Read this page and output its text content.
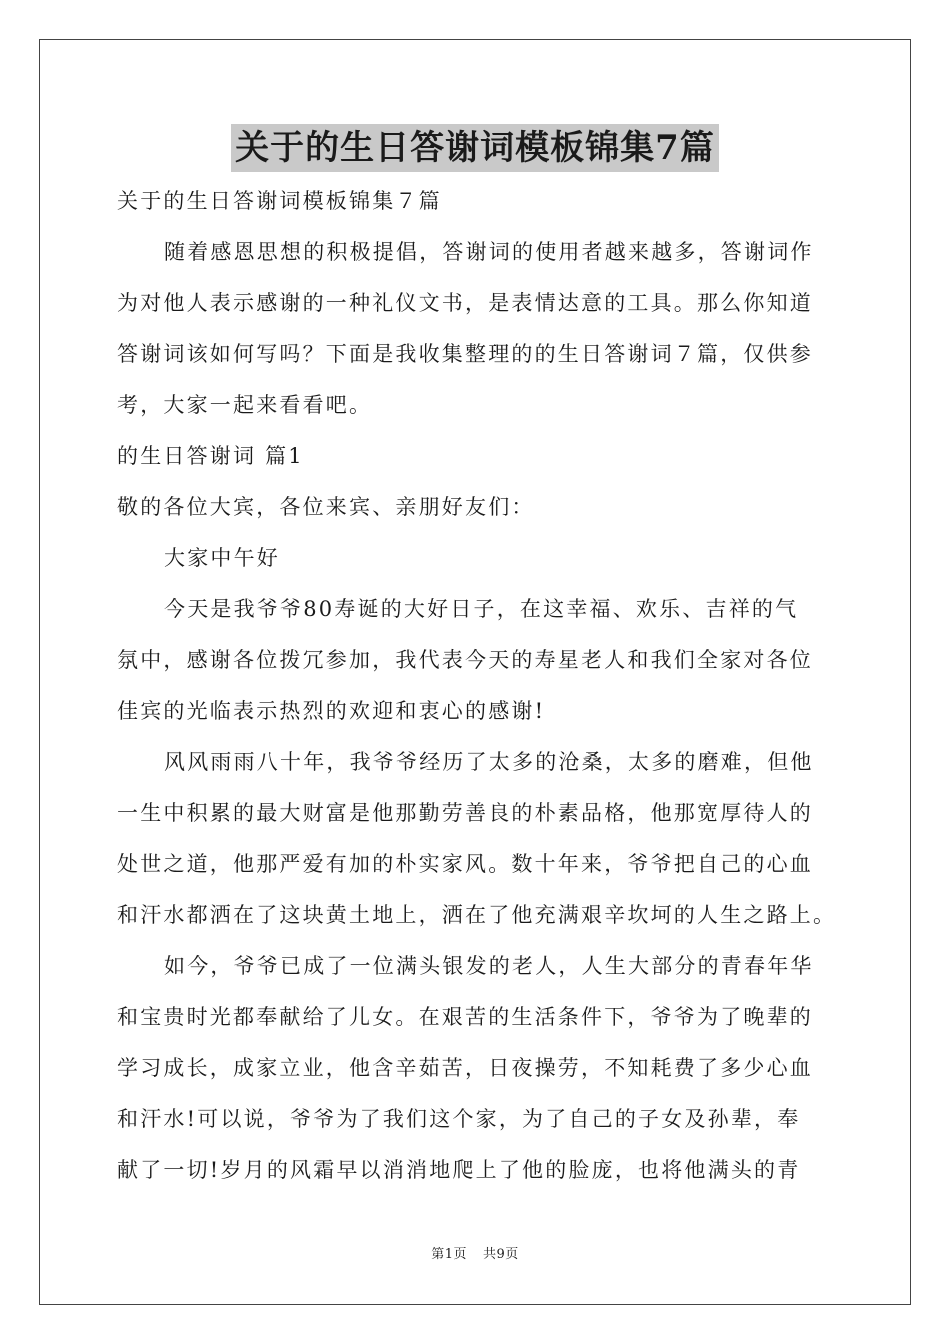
关于的生日答谢词模板锦集7篇
关于的生日答谢词模板锦集７篇
随着感恩思想的积极提倡，答谢词的使用者越来越多，答谢词作
为对他人表示感谢的一种礼仪文书，是表情达意的工具。那么你知道
答谢词该如何写吗？下面是我收集整理的的生日答谢词７篇，仅供参
考，大家一起来看看吧。
的生日答谢词 篇1
敬的各位大宾，各位来宾、亲朋好友们：
大家中午好
今天是我爷爷80寿诞的大好日子，在这幸福、欢乐、吉祥的气
氛中，感谢各位拨冗参加，我代表今天的寿星老人和我们全家对各位
佳宾的光临表示热烈的欢迎和衷心的感谢!
风风雨雨八十年，我爷爷经历了太多的沧桑，太多的磨难，但他
一生中积累的最大财富是他那勤劳善良的朴素品格，他那宽厚待人的
处世之道，他那严爱有加的朴实家风。数十年来，爷爷把自己的心血
和汗水都洒在了这块黄土地上，洒在了他充满艰辛坎坷的人生之路上。
如今，爷爷已成了一位满头银发的老人，人生大部分的青春年华
和宝贵时光都奉献给了儿女。在艰苦的生活条件下，爷爷为了晚辈的
学习成长，成家立业，他含辛茹苦，日夜操劳，不知耗费了多少心血
和汗水!可以说，爷爷为了我们这个家，为了自己的子女及孙辈，奉
献了一切!岁月的风霜早以消消地爬上了他的脸庞，也将他满头的青
第1页 共9页
